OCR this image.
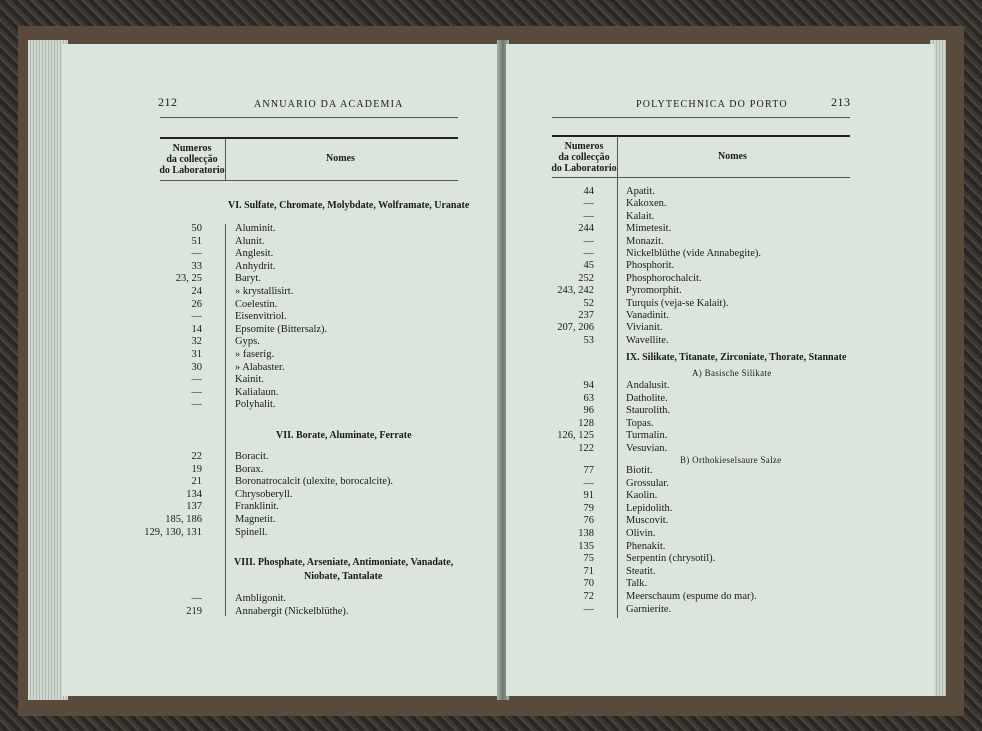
212	ANNUARIO DA ACADEMIA
Numeros
da collecção
do Laboratorio
Nomes
VI. Sulfate, Chromate, Molybdate, Wolframate, Uranate
50	Aluminit.
51	Alunit.
—	Anglesit.
33	Anhydrit.
23, 25	Baryt.
24	» krystallisirt.
26	Coelestin.
—	Eisenvitriol.
14	Epsomite (Bittersalz).
32	Gyps.
31	» faserig.
30	» Alabaster.
—	Kainit.
—	Kalialaun.
—	Polyhalit.
VII. Borate, Aluminate, Ferrate
22	Boracit.
19	Borax.
21	Boronatrocalcit (ulexite, borocalcite).
134	Chrysoberyll.
137	Franklinit.
185, 186	Magnetit.
129, 130, 131	Spinell.
VIII. Phosphate, Arseniate, Antimoniate, Vanadate,
Niobate, Tantalate
—	Ambligonit.
219	Annabergit (Nickelblüthe).
POLYTECHNICA DO PORTO	213
Numeros
da collecção
do Laboratorio
Nomes
44	Apatit.
—	Kakoxen.
—	Kalait.
244	Mimetesit.
—	Monazit.
—	Nickelblüthe (vide Annabegite).
45	Phosphorit.
252	Phosphorochalcit.
243, 242	Pyromorphit.
52	Turquis (veja-se Kalait).
237	Vanadinit.
207, 206	Vivianit.
53	Wavellite.
IX. Silikate, Titanate, Zirconiate, Thorate, Stannate
A) Basische Silikate
94	Andalusit.
63	Datholite.
96	Staurolith.
128	Topas.
126, 125	Turmalin.
122	Vesuvian.
B) Orthokieselsaure Salze
77	Biotit.
—	Grossular.
91	Kaolin.
79	Lepidolith.
76	Muscovit.
138	Olivin.
135	Phenakit.
75	Serpentin (chrysotil).
71	Steatit.
70	Talk.
72	Meerschaum (espume do mar).
—	Garnierite.
